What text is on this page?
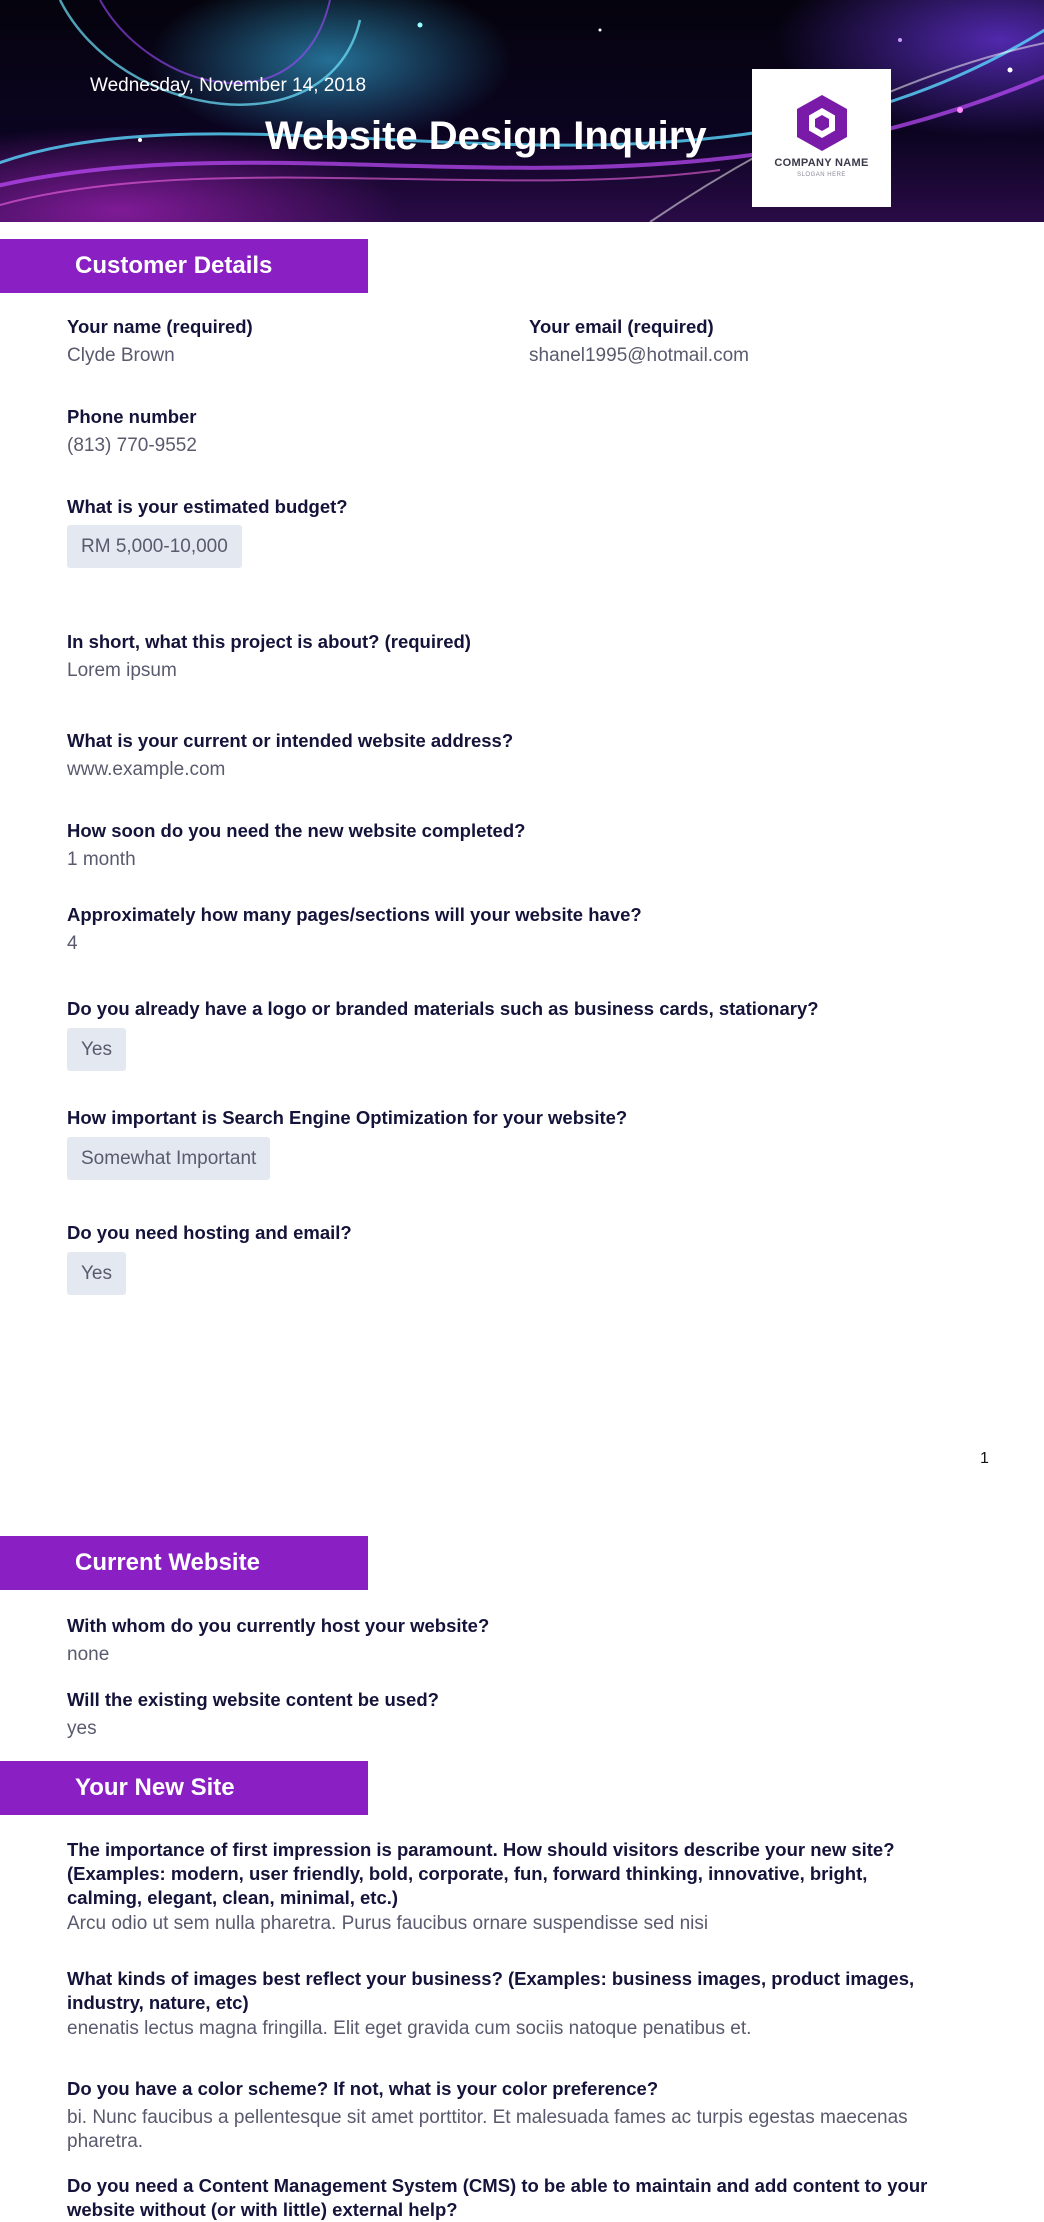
Wednesday, November 14, 2018
Website Design Inquiry
COMPANY NAME
SLOGAN HERE
Customer Details
Your name (required)
Clyde Brown
Your email (required)
shanel1995@hotmail.com
Phone number
(813) 770-9552
What is your estimated budget?
RM 5,000-10,000
In short, what this project is about? (required)
Lorem ipsum
What is your current or intended website address?
www.example.com
How soon do you need the new website completed?
1 month
Approximately how many pages/sections will your website have?
4
Do you already have a logo or branded materials such as business cards, stationary?
Yes
How important is Search Engine Optimization for your website?
Somewhat Important
Do you need hosting and email?
Yes
1
Current Website
With whom do you currently host your website?
none
Will the existing website content be used?
yes
Your New Site
The importance of first impression is paramount. How should visitors describe your new site? (Examples: modern, user friendly, bold, corporate, fun, forward thinking, innovative, bright, calming, elegant, clean, minimal, etc.)
Arcu odio ut sem nulla pharetra. Purus faucibus ornare suspendisse sed nisi
What kinds of images best reflect your business? (Examples: business images, product images, industry, nature, etc)
enenatis lectus magna fringilla. Elit eget gravida cum sociis natoque penatibus et.
Do you have a color scheme? If not, what is your color preference?
bi. Nunc faucibus a pellentesque sit amet porttitor. Et malesuada fames ac turpis egestas maecenas pharetra.
Do you need a Content Management System (CMS) to be able to maintain and add content to your website without (or with little) external help?
